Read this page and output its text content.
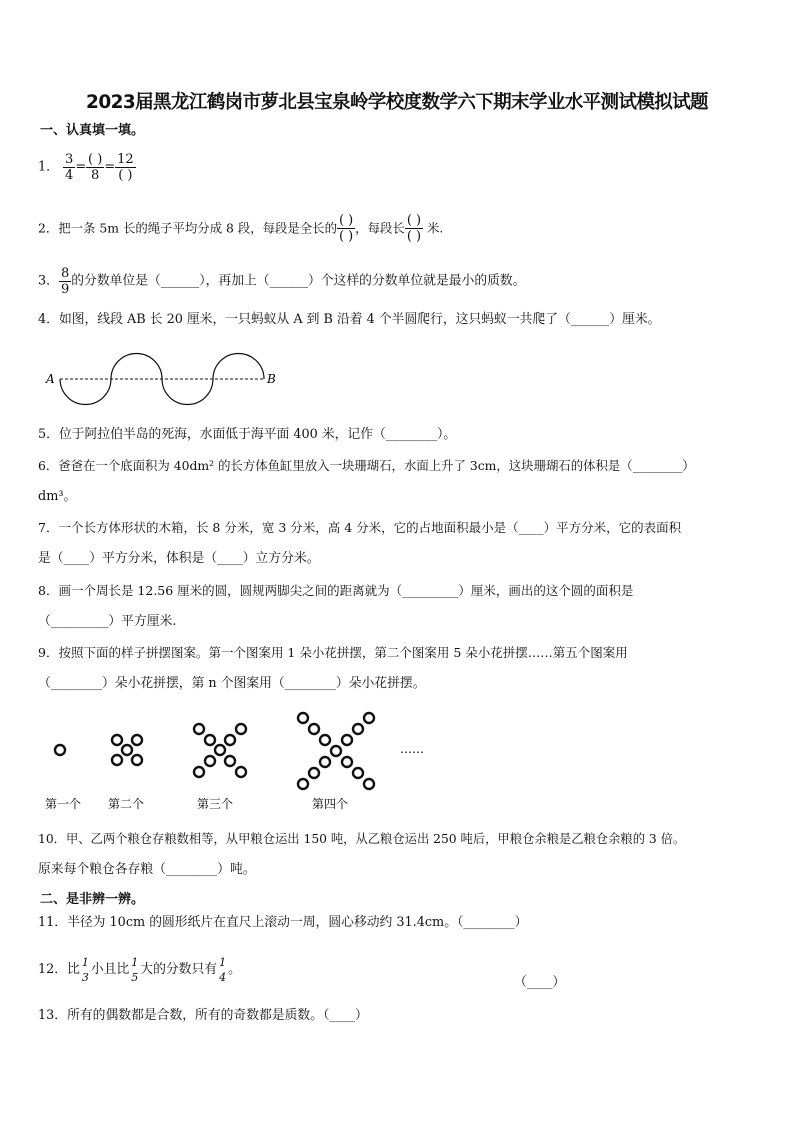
2023届黑龙江鹤岗市萝北县宝泉岭学校度数学六下期末学业水平测试模拟试题
一、认真填一填。
1． $\frac{3}{4} = \frac{( )}{8} = \frac{12}{( )}$
2．把一条 5m 长的绳子平均分成 8 段，每段是全长的 $\frac{( )}{( )}$ ，每段长 $\frac{( )}{( )}$ 米.
3． $\frac{8}{9}$ 的分数单位是（______），再加上（______）个这样的分数单位就是最小的质数。
4．如图，线段 AB 长 20 厘米，一只蚂蚁从 A 到 B 沿着 4 个半圆爬行，这只蚂蚁一共爬了（______）厘米。
A	B
5．位于阿拉伯半岛的死海，水面低于海平面 400 米，记作（________）。
6．爸爸在一个底面积为 40dm² 的长方体鱼缸里放入一块珊瑚石，水面上升了 3cm，这块珊瑚石的体积是（________）
dm³。
7．一个长方体形状的木箱，长 8 分米，宽 3 分米，高 4 分米，它的占地面积最小是（____）平方分米，它的表面积
是（____）平方分米，体积是（____）立方分米。
8．画一个周长是 12.56 厘米的圆，圆规两脚尖之间的距离就为（_________）厘米，画出的这个圆的面积是
（_________）平方厘米.
9．按照下面的样子拼摆图案。第一个图案用 1 朵小花拼摆，第二个图案用 5 朵小花拼摆……第五个图案用
（________）朵小花拼摆，第 n 个图案用（________）朵小花拼摆。
……
第一个 第二个	第三个	第四个
10．甲、乙两个粮仓存粮数相等，从甲粮仓运出 150 吨，从乙粮仓运出 250 吨后，甲粮仓余粮是乙粮仓余粮的 3 倍。
原来每个粮仓各存粮（________）吨。
二、是非辨一辨。
11．半径为 10cm 的圆形纸片在直尺上滚动一周，圆心移动约 31.4cm。（________）
12．比 1
3
小且比 1
5
大的分数只有 1
4
。
（____）
13．所有的偶数都是合数，所有的奇数都是质数。（____）
